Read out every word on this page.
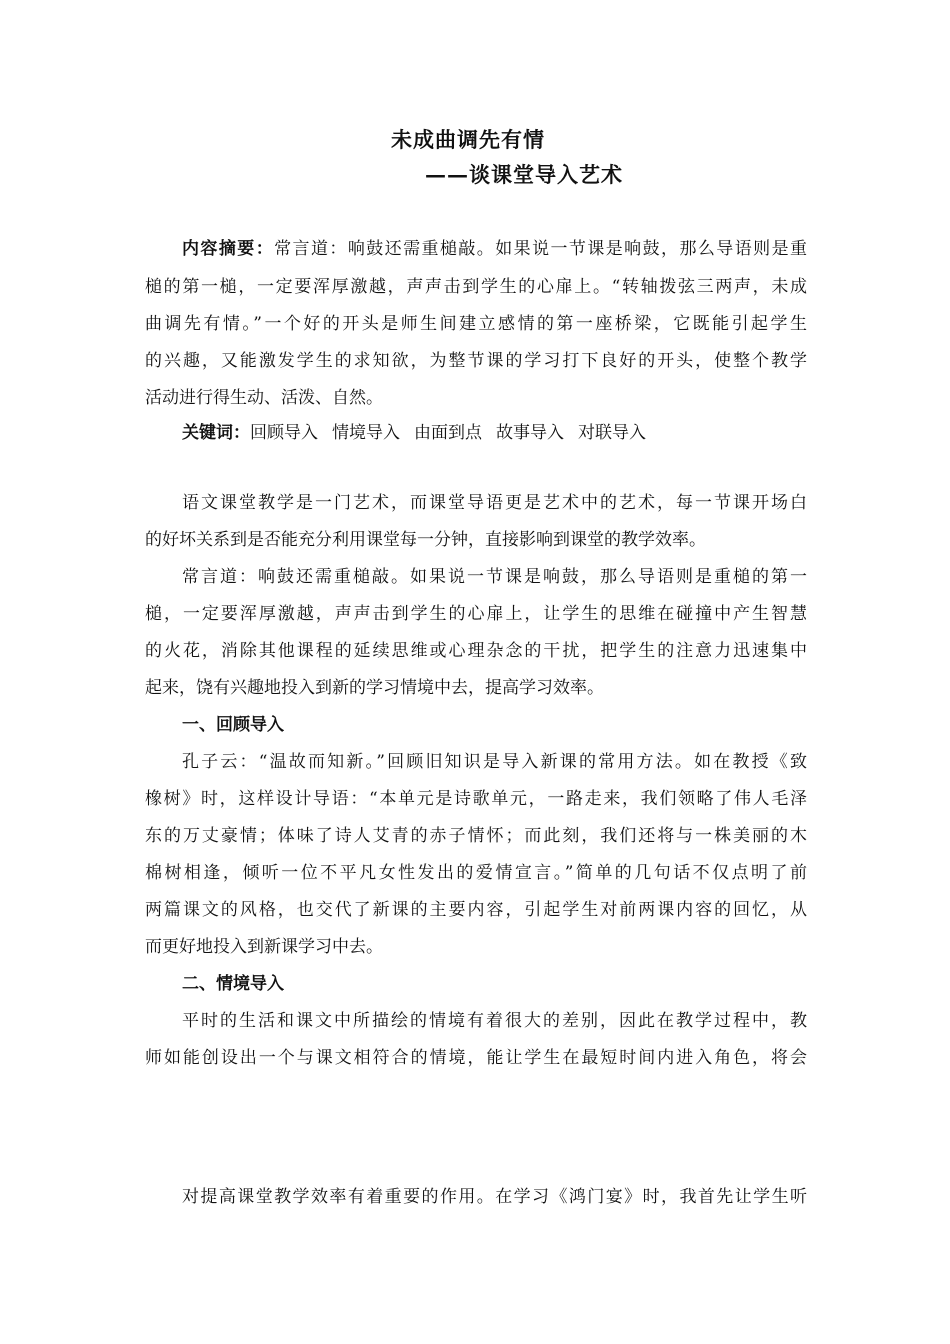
未成曲调先有情
——谈课堂导入艺术
内容摘要：常言道：响鼓还需重槌敲。如果说一节课是响鼓，那么导语则是重
槌的第一槌，一定要浑厚激越，声声击到学生的心扉上。“转轴拨弦三两声，未成
曲调先有情。”一个好的开头是师生间建立感情的第一座桥梁，它既能引起学生
的兴趣，又能激发学生的求知欲，为整节课的学习打下良好的开头，使整个教学
活动进行得生动、活泼、自然。
关键词：回顾导入 情境导入 由面到点 故事导入 对联导入
语文课堂教学是一门艺术，而课堂导语更是艺术中的艺术，每一节课开场白
的好坏关系到是否能充分利用课堂每一分钟，直接影响到课堂的教学效率。
常言道：响鼓还需重槌敲。如果说一节课是响鼓，那么导语则是重槌的第一
槌，一定要浑厚激越，声声击到学生的心扉上，让学生的思维在碰撞中产生智慧
的火花，消除其他课程的延续思维或心理杂念的干扰，把学生的注意力迅速集中
起来，饶有兴趣地投入到新的学习情境中去，提高学习效率。
一、回顾导入
孔子云：“温故而知新。”回顾旧知识是导入新课的常用方法。如在教授《致
橡树》时，这样设计导语：“本单元是诗歌单元，一路走来，我们领略了伟人毛泽
东的万丈豪情；体味了诗人艾青的赤子情怀；而此刻，我们还将与一株美丽的木
棉树相逢，倾听一位不平凡女性发出的爱情宣言。”简单的几句话不仅点明了前
两篇课文的风格，也交代了新课的主要内容，引起学生对前两课内容的回忆，从
而更好地投入到新课学习中去。
二、情境导入
平时的生活和课文中所描绘的情境有着很大的差别，因此在教学过程中，教
师如能创设出一个与课文相符合的情境，能让学生在最短时间内进入角色，将会
对提高课堂教学效率有着重要的作用。在学习《鸿门宴》时，我首先让学生听
